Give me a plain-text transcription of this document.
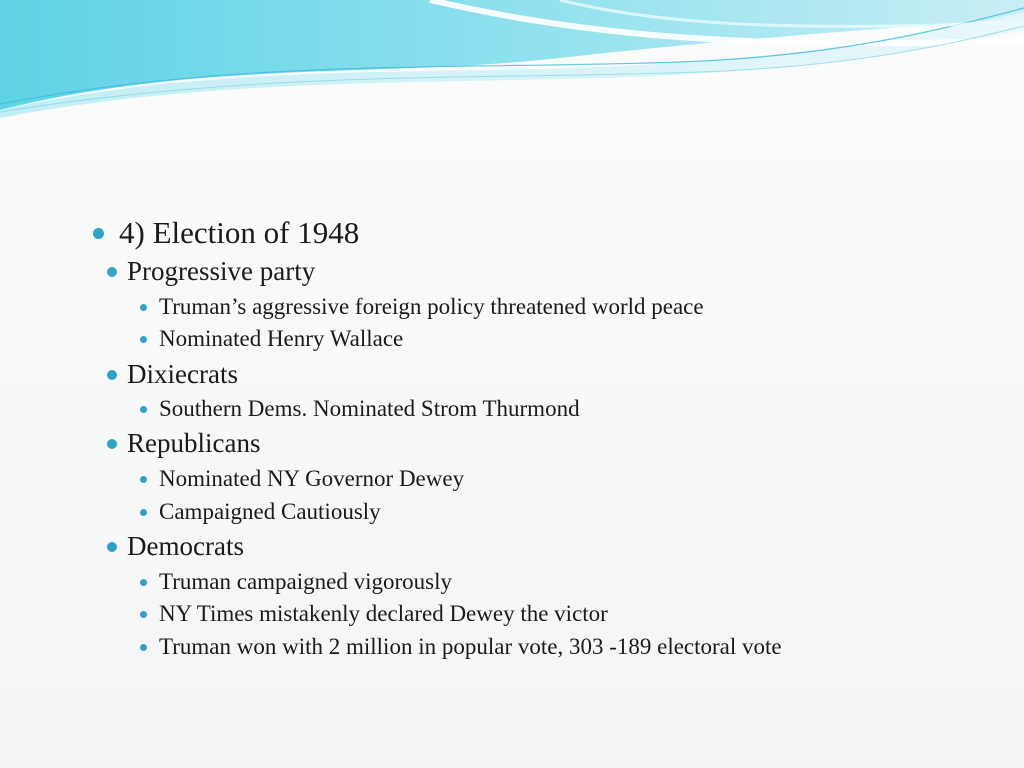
4) Election of 1948
Progressive party
Truman’s aggressive foreign policy threatened world peace
Nominated Henry Wallace
Dixiecrats
Southern Dems. Nominated Strom Thurmond
Republicans
Nominated NY Governor Dewey
Campaigned Cautiously
Democrats
Truman campaigned vigorously
NY Times mistakenly declared Dewey the victor
Truman won with 2 million in popular vote, 303 -189 electoral vote
